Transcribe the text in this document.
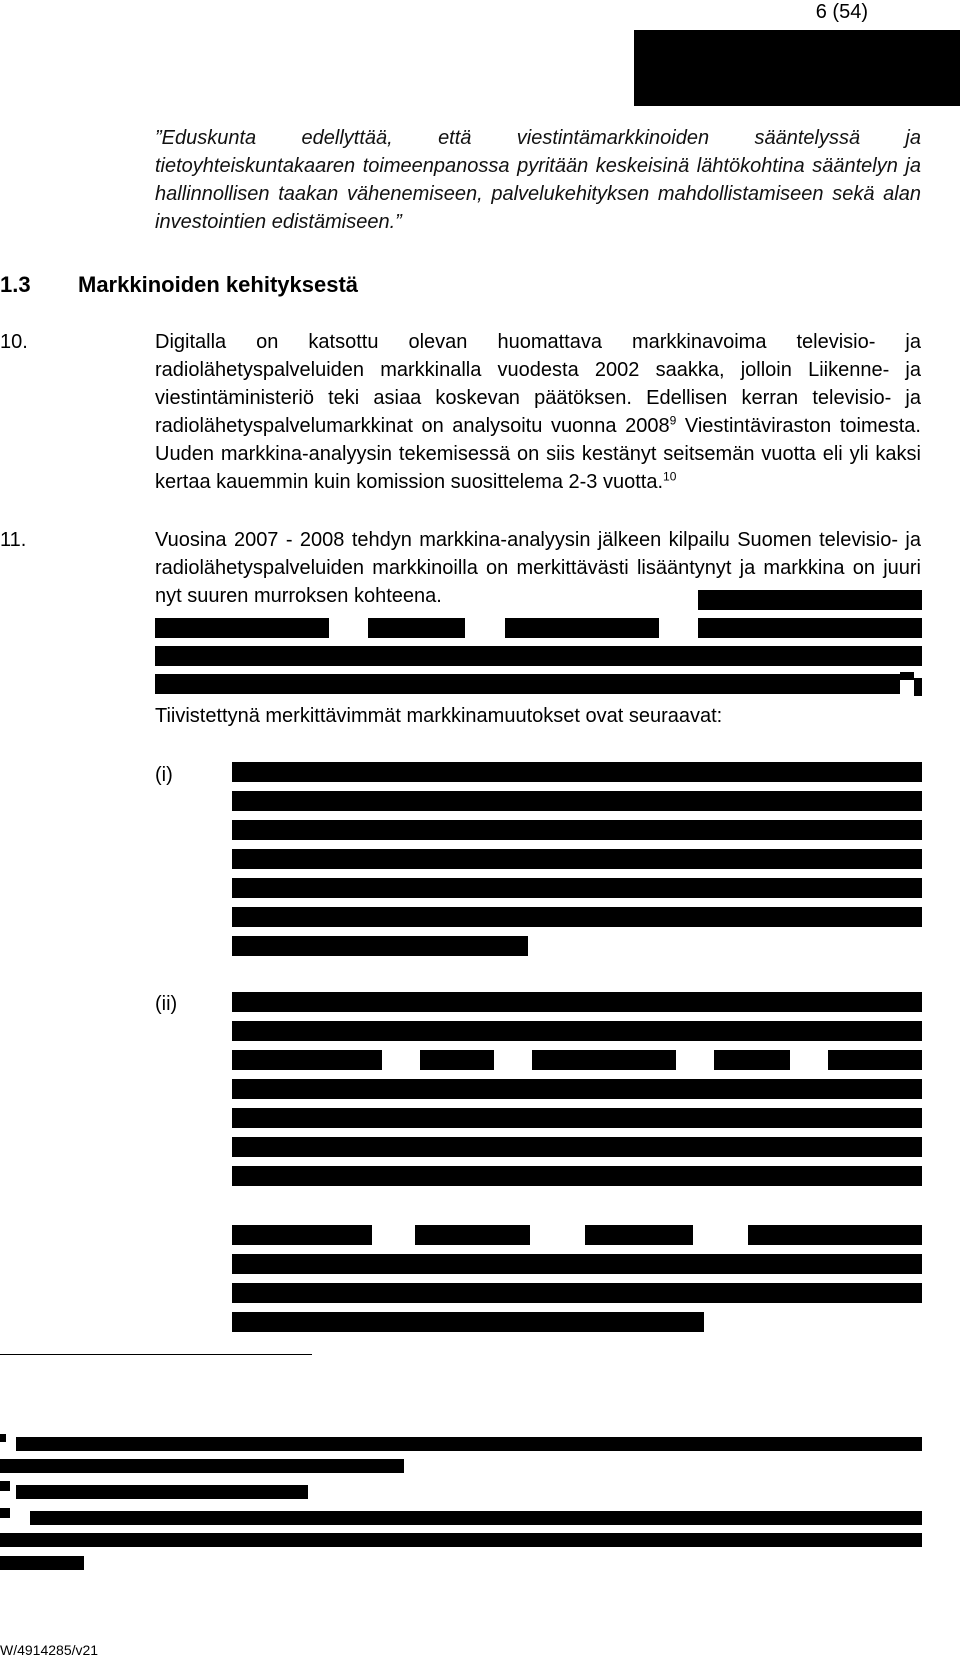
6 (54)

”Eduskunta edellyttää, että viestintämarkkinoiden sääntelyssä ja tietoyhteiskuntakaaren toimeenpanossa pyritään keskeisinä lähtökohtina sääntelyn ja hallinnollisen taakan vähenemiseen, palvelukehityksen mahdollistamiseen sekä alan investointien edistämiseen.”

1.3 Markkinoiden kehityksestä
10.	Digitalla on katsottu olevan huomattava markkinavoima televisio- ja radiolähetyspalveluiden markkinalla vuodesta 2002 saakka, jolloin Liikenne- ja viestintäministeriö teki asiaa koskevan päätöksen. Edellisen kerran televisio- ja radiolähetyspalvelumarkkinat on analysoitu vuonna 2008$^9$ Viestintäviraston toimesta. Uuden markkina-analyysin tekemisessä on siis kestänyt seitsemän vuotta eli yli kaksi kertaa kauemmin kuin komission suosittelema 2-3 vuotta.$^{10}$
11.	Vuosina 2007 - 2008 tehdyn markkina-analyysin jälkeen kilpailu Suomen televisio- ja radiolähetyspalveluiden markkinoilla on merkittävästi lisääntynyt ja markkina on juuri nyt suuren murroksen kohteena.
Tiivistettynä merkittävimmät markkinamuutokset ovat seuraavat:
(i)
(ii)
W/4914285/v21
